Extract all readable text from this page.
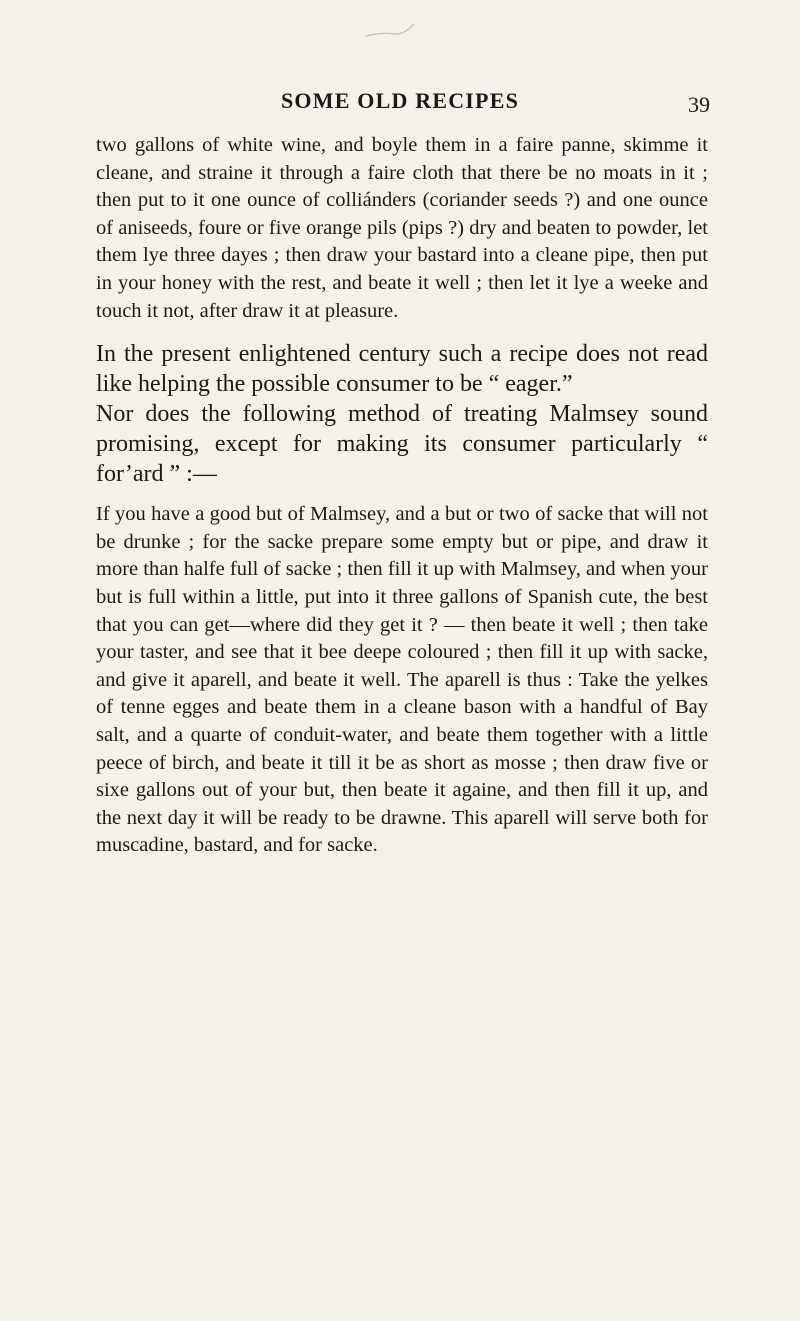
SOME OLD RECIPES	39

two gallons of white wine, and boyle them in a faire panne, skimme it cleane, and straine it through a faire cloth that there be no moats in it ; then put to it one ounce of colliánders (coriander seeds ?) and one ounce of aniseeds, foure or five orange pils (pips ?) dry and beaten to powder, let them lye three dayes ; then draw your bastard into a cleane pipe, then put in your honey with the rest, and beate it well ; then let it lye a weeke and touch it not, after draw it at pleasure.

In the present enlightened century such a recipe does not read like helping the possible consumer to be “ eager.”

Nor does the following method of treating Malmsey sound promising, except for making its consumer particularly “ for’ard ” :—

If you have a good but of Malmsey, and a but or two of sacke that will not be drunke ; for the sacke prepare some empty but or pipe, and draw it more than halfe full of sacke ; then fill it up with Malmsey, and when your but is full within a little, put into it three gallons of Spanish cute, the best that you can get—where did they get it ? — then beate it well ; then take your taster, and see that it bee deepe coloured ; then fill it up with sacke, and give it aparell, and beate it well. The aparell is thus : Take the yelkes of tenne egges and beate them in a cleane bason with a handful of Bay salt, and a quarte of conduit-water, and beate them together with a little peece of birch, and beate it till it be as short as mosse ; then draw five or sixe gallons out of your but, then beate it againe, and then fill it up, and the next day it will be ready to be drawne. This aparell will serve both for muscadine, bastard, and for sacke.
